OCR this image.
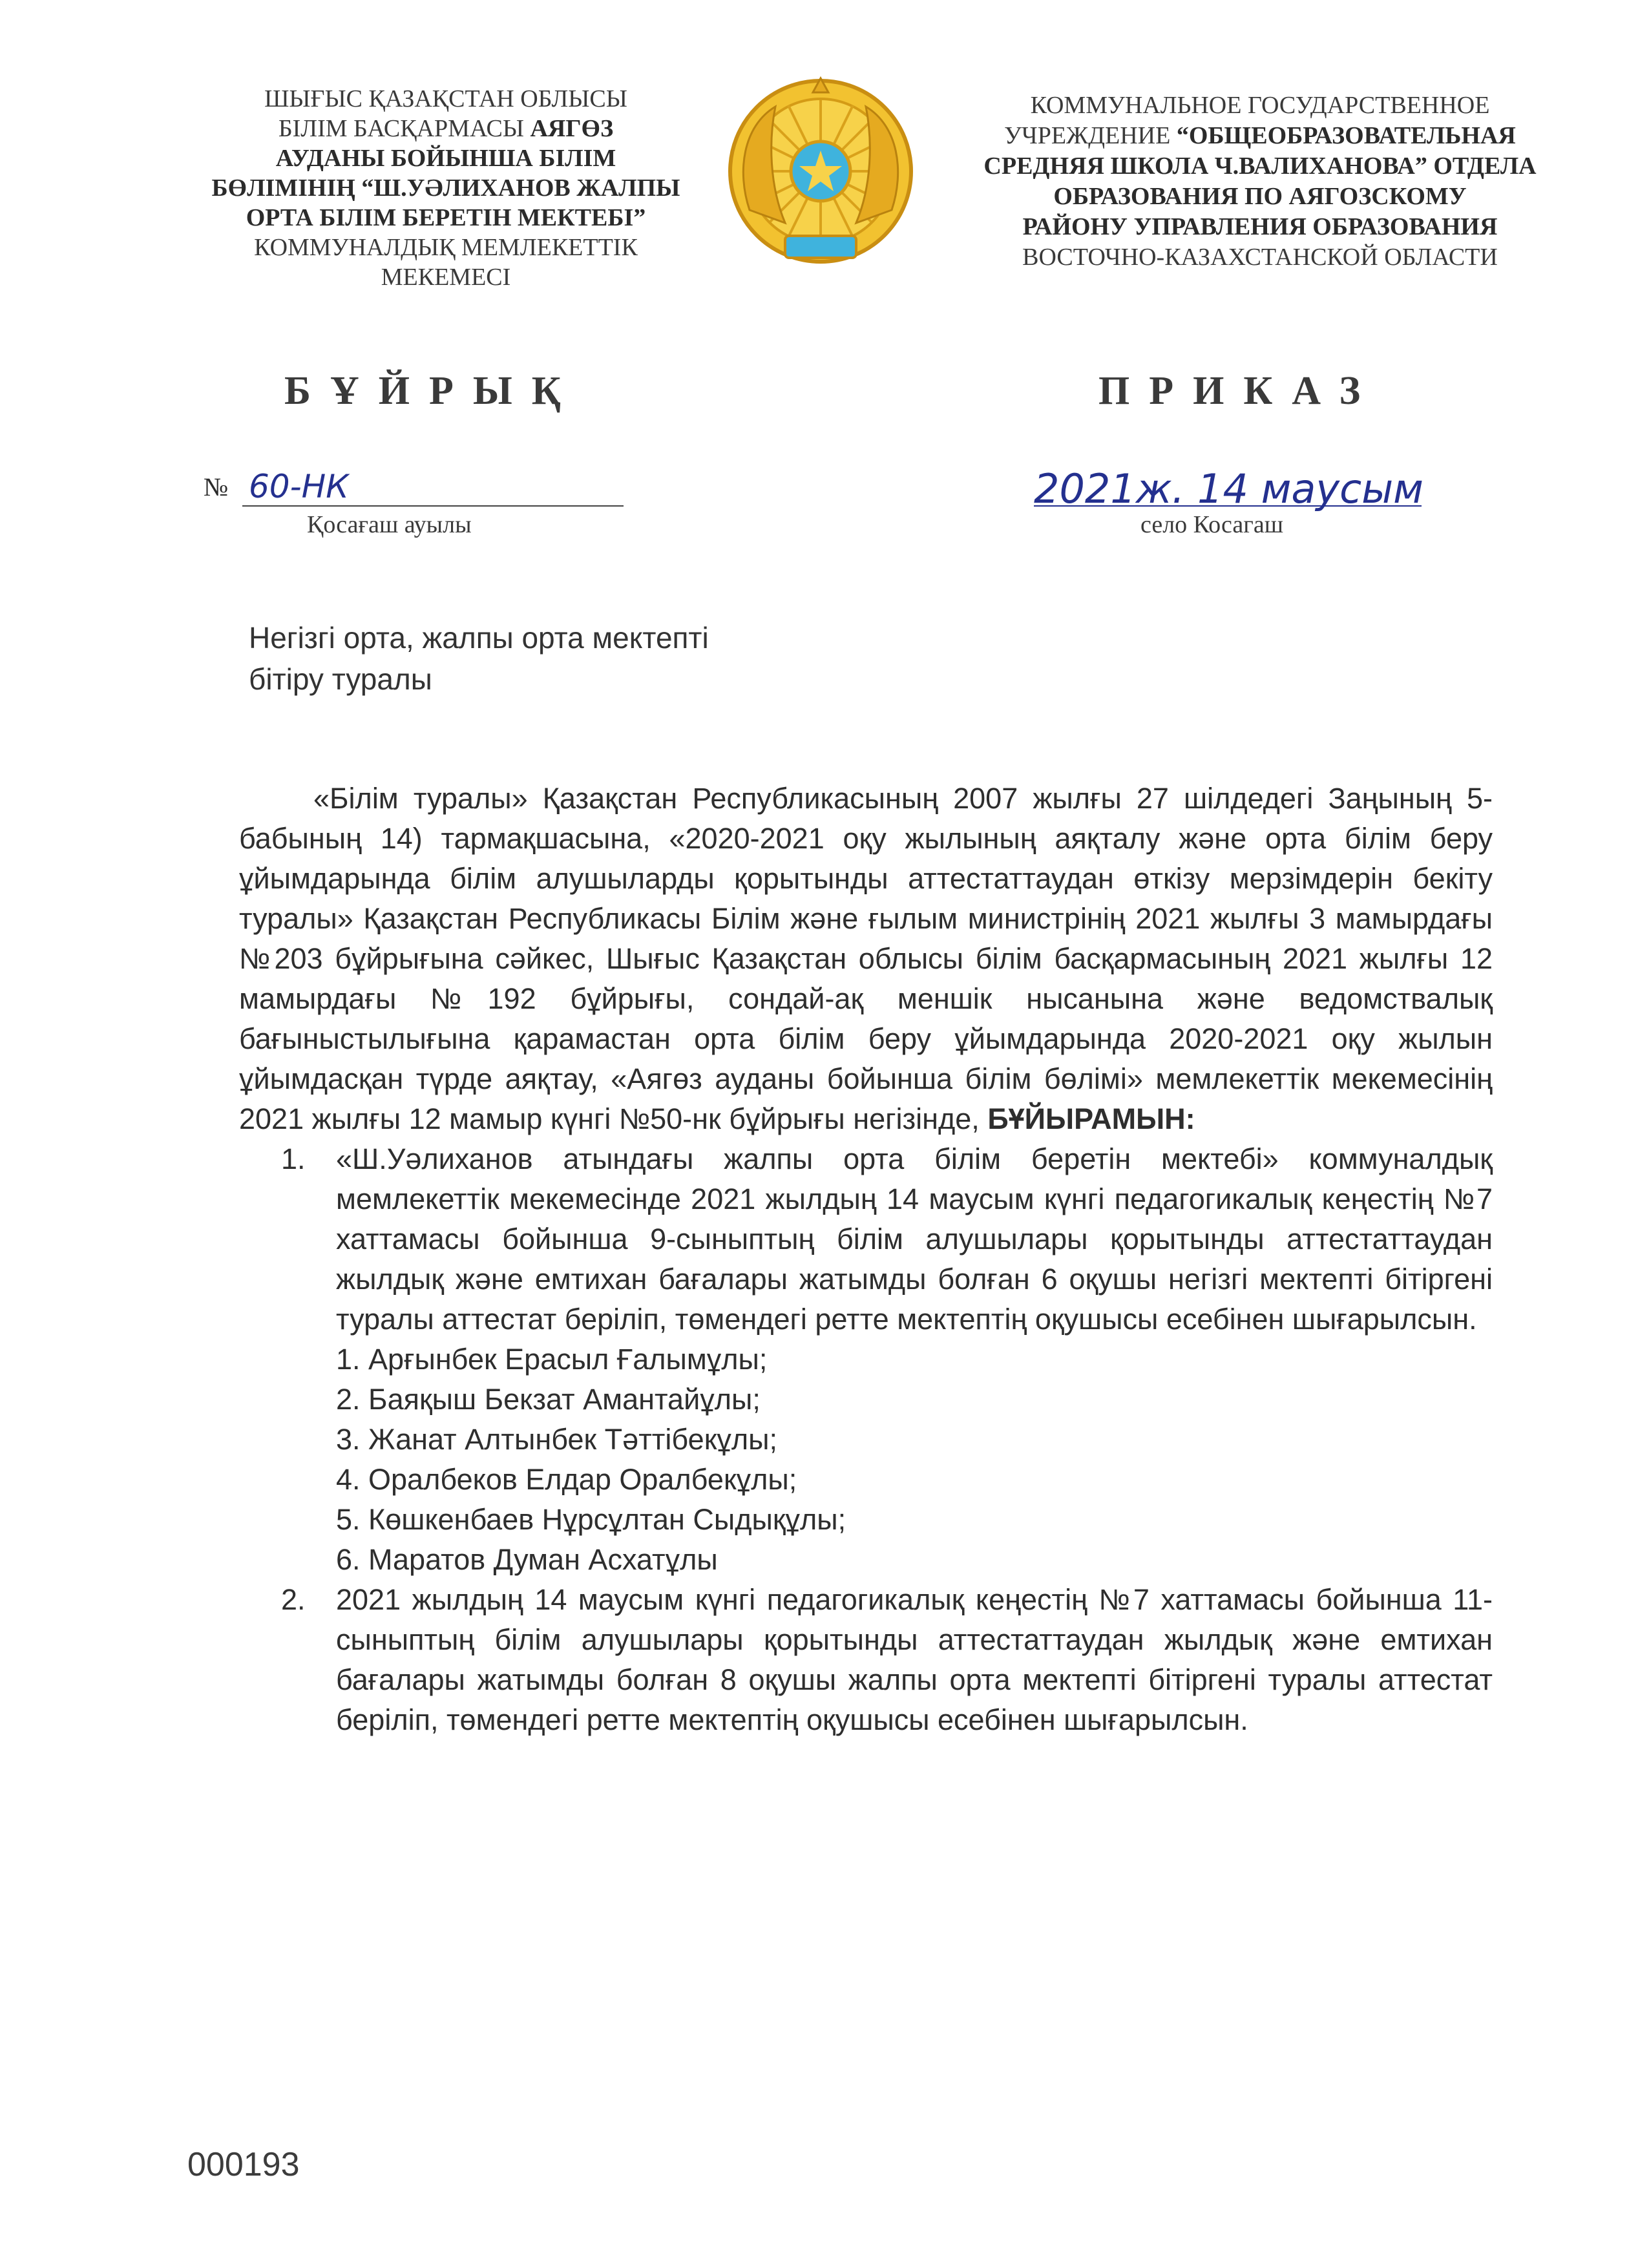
ШЫҒЫС ҚАЗАҚСТАН ОБЛЫСЫ
БІЛІМ БАСҚАРМАСЫ АЯГӨЗ
АУДАНЫ БОЙЫНША БІЛІМ
БӨЛІМІНІҢ “Ш.УӘЛИХАНОВ ЖАЛПЫ
ОРТА БІЛІМ БЕРЕТІН МЕКТЕБІ”
КОММУНАЛДЫҚ МЕМЛЕКЕТТІК
МЕКЕМЕСІ
КОММУНАЛЬНОЕ ГОСУДАРСТВЕННОЕ
УЧРЕЖДЕНИЕ “ОБЩЕОБРАЗОВАТЕЛЬНАЯ
СРЕДНЯЯ ШКОЛА Ч.ВАЛИХАНОВА” ОТДЕЛА
ОБРАЗОВАНИЯ ПО АЯГОЗСКОМУ
РАЙОНУ УПРАВЛЕНИЯ ОБРАЗОВАНИЯ
ВОСТОЧНО-КАЗАХСТАНСКОЙ ОБЛАСТИ
БҰЙРЫҚ	ПРИКАЗ
№ 60-НК
Қосағаш ауылы
2021ж. 14 маусым
село Косагаш
Негізгі орта, жалпы орта мектепті
бітіру туралы

«Білім туралы» Қазақстан Республикасының 2007 жылғы 27 шілдедегі Заңының 5-бабының 14) тармақшасына, «2020-2021 оқу жылының аяқталу және орта білім беру ұйымдарында білім алушыларды қорытынды аттестаттаудан өткізу мерзімдерін бекіту туралы» Қазақстан Республикасы Білім және ғылым министрінің 2021 жылғы 3 мамырдағы №203 бұйрығына сәйкес, Шығыс Қазақстан облысы білім басқармасының 2021 жылғы 12 мамырдағы №192 бұйрығы, сондай-ақ меншік нысанына және ведомствалық бағыныстылығына қарамастан орта білім беру ұйымдарында 2020-2021 оқу жылын ұйымдасқан түрде аяқтау, «Аягөз ауданы бойынша білім бөлімі» мемлекеттік мекемесінің 2021 жылғы 12 мамыр күнгі №50-нк бұйрығы негізінде, БҰЙЫРАМЫН:

1. «Ш.Уәлиханов атындағы жалпы орта білім беретін мектебі» коммуналдық мемлекеттік мекемесінде 2021 жылдың 14 маусым күнгі педагогикалық кеңестің №7 хаттамасы бойынша 9-сыныптың білім алушылары қорытынды аттестаттаудан жылдық және емтихан бағалары жатымды болған 6 оқушы негізгі мектепті бітіргені туралы аттестат беріліп, төмендегі ретте мектептің оқушысы есебінен шығарылсын.
1. Арғынбек Ерасыл Ғалымұлы;
2. Баяқыш Бекзат Амантайұлы;
3. Жанат Алтынбек Тәттібекұлы;
4. Оралбеков Елдар Оралбекұлы;
5. Көшкенбаев Нұрсұлтан Сыдықұлы;
6. Маратов Думан Асхатұлы
2. 2021 жылдың 14 маусым күнгі педагогикалық кеңестің №7 хаттамасы бойынша 11-сыныптың білім алушылары қорытынды аттестаттаудан жылдық және емтихан бағалары жатымды болған 8 оқушы жалпы орта мектепті бітіргені туралы аттестат беріліп, төмендегі ретте мектептің оқушысы есебінен шығарылсын.
000193
